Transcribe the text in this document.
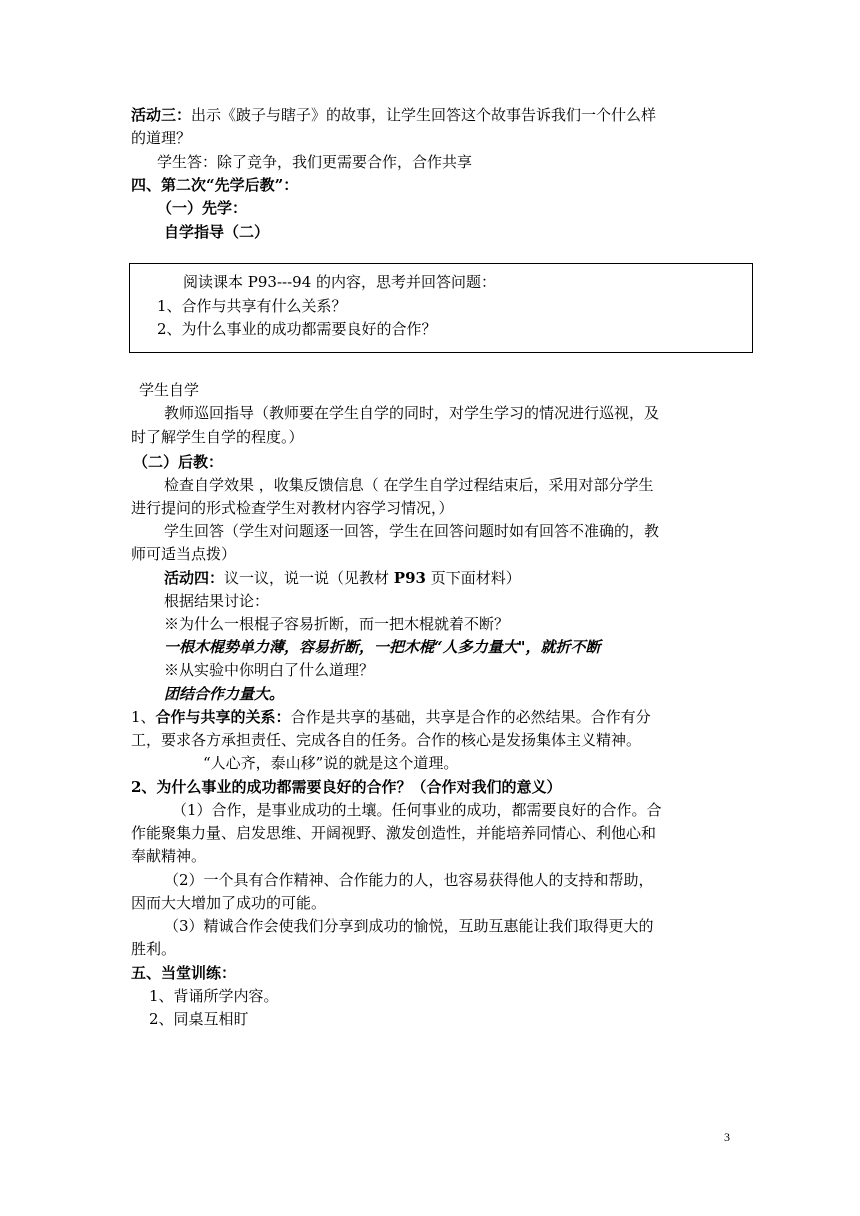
活动三：出示《跛子与瞎子》的故事，让学生回答这个故事告诉我们一个什么样
的道理？
学生答：除了竞争，我们更需要合作，合作共享
四、第二次“先学后教”：
（一）先学：
自学指导（二）
阅读课本 P93---94 的内容，思考并回答问题：
1、合作与共享有什么关系？
2、为什么事业的成功都需要良好的合作？
学生自学
教师巡回指导（教师要在学生自学的同时，对学生学习的情况进行巡视，及
时了解学生自学的程度。）
（二）后教：
检查自学效果 ，收集反馈信息（ 在学生自学过程结束后，采用对部分学生
进行提问的形式检查学生对教材内容学习情况，）
学生回答（学生对问题逐一回答，学生在回答问题时如有回答不准确的，教
师可适当点拨）
活动四：议一议，说一说（见教材 P93 页下面材料）
根据结果讨论：
※为什么一根棍子容易折断，而一把木棍就着不断？
一根木棍势单力薄，容易折断，一把木棍“人多力量大"，就折不断
※从实验中你明白了什么道理？
团结合作力量大。
1、合作与共享的关系：合作是共享的基础，共享是合作的必然结果。合作有分
工，要求各方承担责任、完成各自的任务。合作的核心是发扬集体主义精神。
“人心齐，泰山移”说的就是这个道理。
2、为什么事业的成功都需要良好的合作？（合作对我们的意义）
（1）合作，是事业成功的土壤。任何事业的成功，都需要良好的合作。合
作能聚集力量、启发思维、开阔视野、激发创造性，并能培养同情心、利他心和
奉献精神。
（2）一个具有合作精神、合作能力的人，也容易获得他人的支持和帮助，
因而大大增加了成功的可能。
（3）精诚合作会使我们分享到成功的愉悦，互助互惠能让我们取得更大的
胜利。
五、当堂训练：
1、背诵所学内容。
2、同桌互相盯
3
